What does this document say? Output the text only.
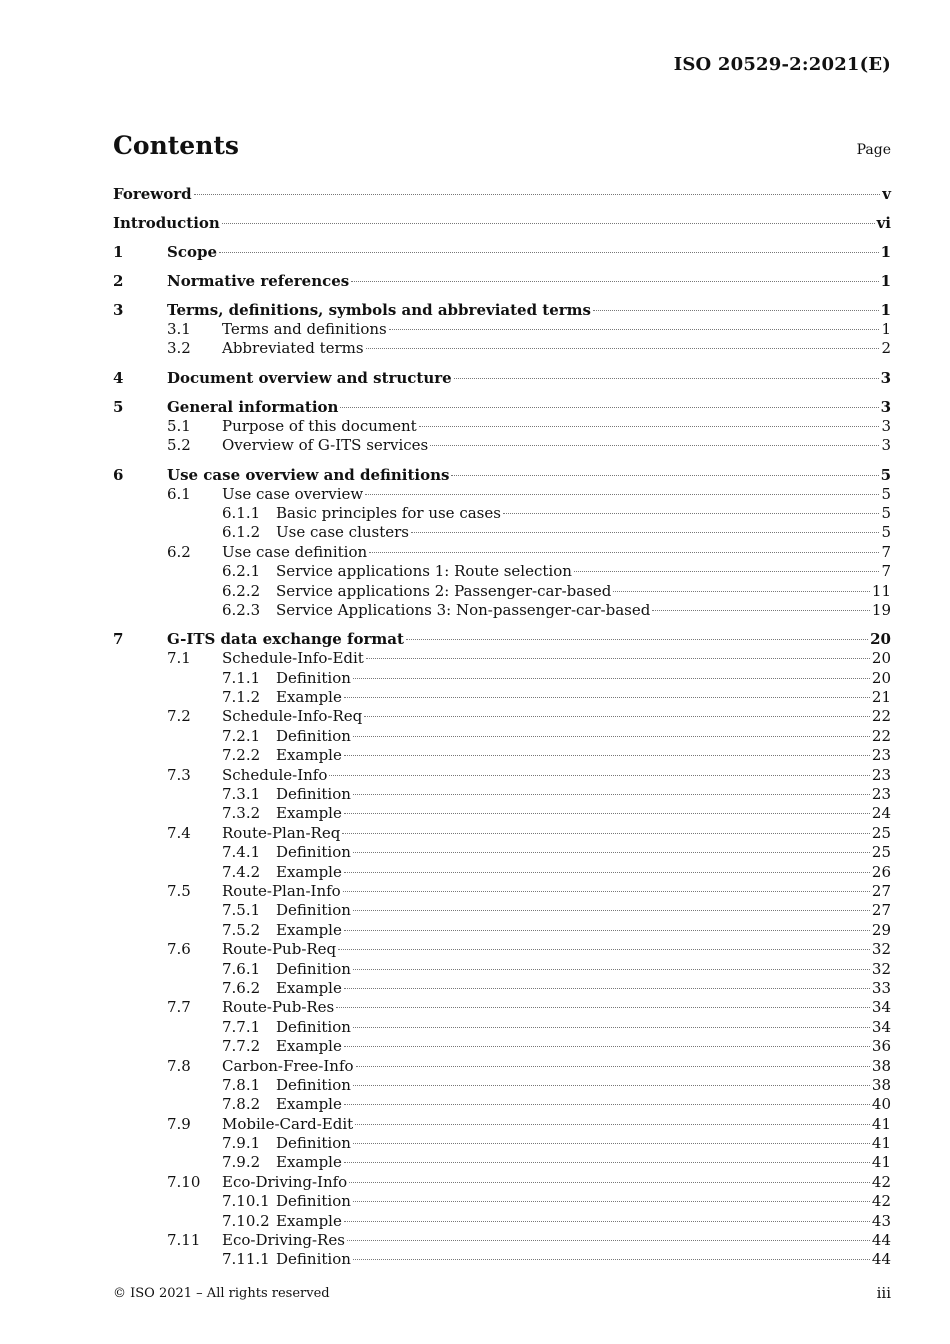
ISO 20529-2:2021(E)
Contents	Page
Foreword	v
Introduction	vi
1	Scope	1
2	Normative references	1
3	Terms, definitions, symbols and abbreviated terms	1
3.1 Terms and definitions	1
3.2 Abbreviated terms	2
4	Document overview and structure	3
5	General information	3
5.1 Purpose of this document	3
5.2 Overview of G-ITS services	3
6	Use case overview and definitions	5
6.1 Use case overview	5
6.1.1 Basic principles for use cases	5
6.1.2 Use case clusters	5
6.2 Use case definition	7
6.2.1 Service applications 1: Route selection	7
6.2.2 Service applications 2: Passenger-car-based	11
6.2.3 Service Applications 3: Non-passenger-car-based	19
7	G-ITS data exchange format	20
7.1 Schedule-Info-Edit	20
7.1.1 Definition	20
7.1.2 Example	21
7.2 Schedule-Info-Req	22
7.2.1 Definition	22
7.2.2 Example	23
7.3 Schedule-Info	23
7.3.1 Definition	23
7.3.2 Example	24
7.4 Route-Plan-Req	25
7.4.1 Definition	25
7.4.2 Example	26
7.5 Route-Plan-Info	27
7.5.1 Definition	27
7.5.2 Example	29
7.6 Route-Pub-Req	32
7.6.1 Definition	32
7.6.2 Example	33
7.7 Route-Pub-Res	34
7.7.1 Definition	34
7.7.2 Example	36
7.8 Carbon-Free-Info	38
7.8.1 Definition	38
7.8.2 Example	40
7.9 Mobile-Card-Edit	41
7.9.1 Definition	41
7.9.2 Example	41
7.10 Eco-Driving-Info	42
7.10.1 Definition	42
7.10.2 Example	43
7.11 Eco-Driving-Res	44
7.11.1 Definition	44
© ISO 2021 – All rights reserved	iii
